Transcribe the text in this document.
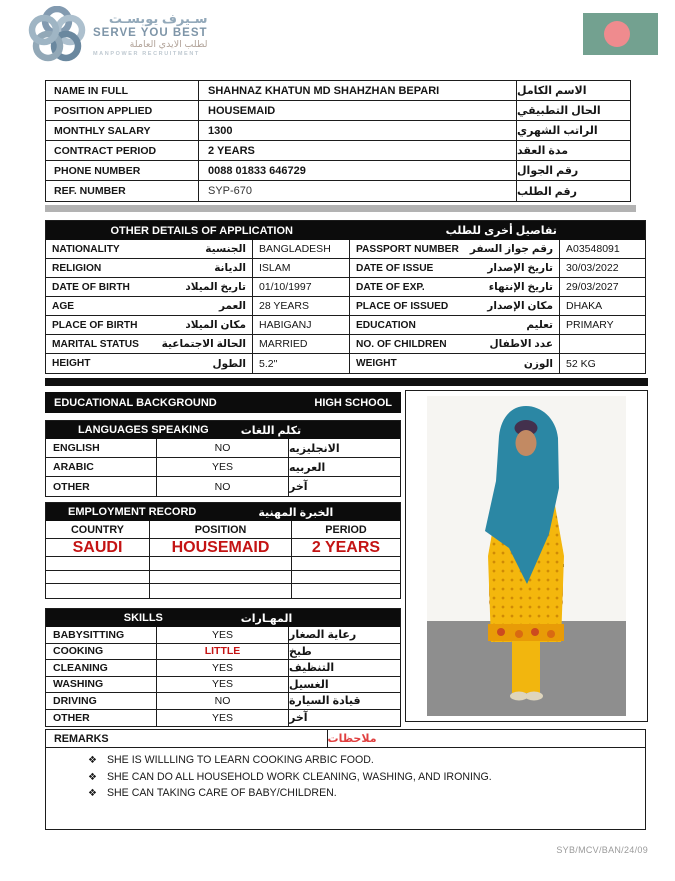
سـيرف يوبسـت
SERVE YOU BEST
لطلب الايدي العاملة
MANPOWER RECRUITMENT
NAME IN FULL	SHAHNAZ KHATUN MD SHAHZHAN BEPARI	الاسم الكامل
POSITION APPLIED	HOUSEMAID	الحال التطبيقي
MONTHLY SALARY	1300	الراتب الشهري
CONTRACT PERIOD	2 YEARS	مدة العقد
PHONE NUMBER	0088 01833 646729	رقم الجوال
REF. NUMBER	SYP-670	رقم الطلب
OTHER DETAILS OF APPLICATION	تفاصيل أخرى للطلب
NATIONALITY	الجنسية	BANGLADESH	PASSPORT NUMBER رقم جواز السفر	A03548091
RELIGION	الديانة	ISLAM	DATE OF ISSUE	تاريخ الإصدار	30/03/2022
DATE OF BIRTH	تاريخ الميلاد	01/10/1997	DATE OF EXP.	تاريخ الإنتهاء	29/03/2027
AGE	العمر	28 YEARS	PLACE OF ISSUED	مكان الإصدار	DHAKA
PLACE OF BIRTH	مكان الميلاد	HABIGANJ	EDUCATION	تعليم	PRIMARY
MARITAL STATUS الحالة الاجتماعية	MARRIED	NO. OF CHILDREN	عدد الاطفال
HEIGHT	الطول	5.2"	WEIGHT	الوزن	52 KG
EDUCATIONAL BACKGROUND	HIGH SCHOOL
LANGUAGES SPEAKING	تكلم اللغات
ENGLISH	NO	الانجليزيه
ARABIC	YES	العربيه
OTHER	NO	آخر
EMPLOYMENT RECORD	الخبرة المهنية
COUNTRY	POSITION	PERIOD
SAUDI	HOUSEMAID	2 YEARS
SKILLS	المهـارات
BABYSITTING	YES	رعاية الصغار
COOKING	LITTLE	طبخ
CLEANING	YES	التنظيف
WASHING	YES	الغسيل
DRIVING	NO	قيادة السيارة
OTHER	YES	آخر
REMARKS	ملاحظات
❖ SHE IS WILLLING TO LEARN COOKING ARBIC FOOD.
❖ SHE CAN DO ALL HOUSEHOLD WORK CLEANING, WASHING, AND IRONING.
❖ SHE CAN TAKING CARE OF BABY/CHILDREN.
SYB/MCV/BAN/24/09
